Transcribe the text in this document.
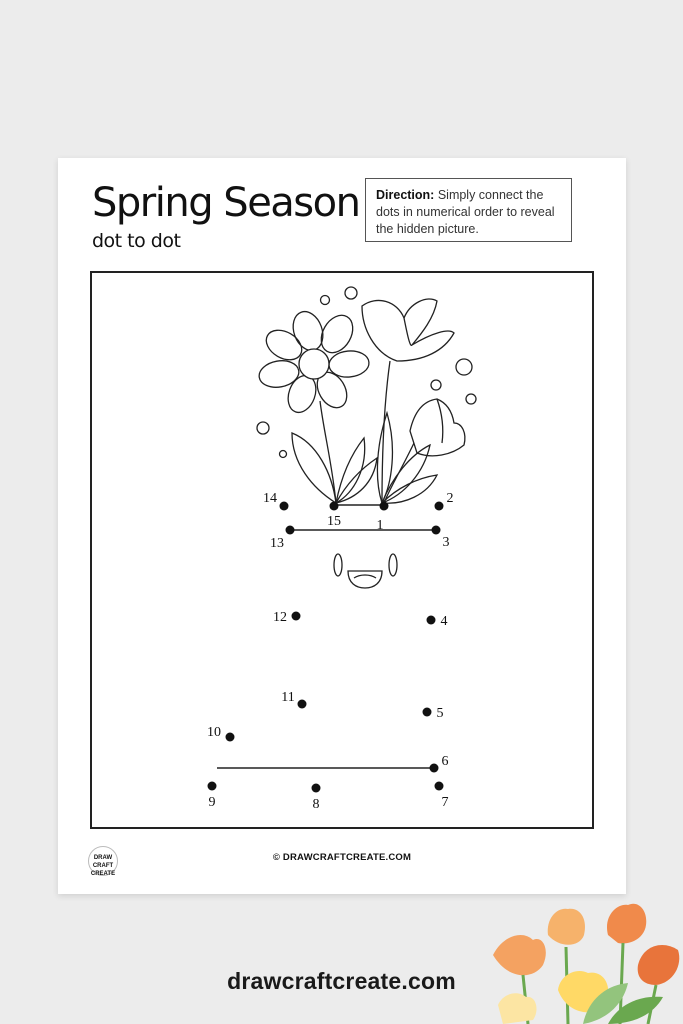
Spring Season
dot to dot
Direction: Simply connect the dots in numerical order to reveal the hidden picture.
1
2
3
4
5
6
7
8
9
10
11
12
13
14
15
DRAW
CRAFT
CREATE
© DRAWCRAFTCREATE.COM
drawcraftcreate.com
